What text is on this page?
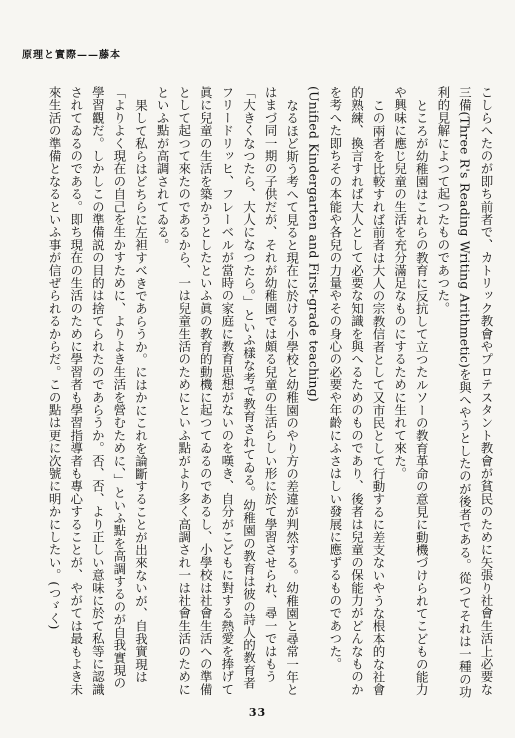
原理と實際——藤本

こしらへたのが即ち前者で、カトリック教會やプロテスタント教會が貧民のために矢張り社會生活上必要な三備(Three R's Reading Writing Arithmetic)を與へやうとしたのが後者である。從つてそれは一種の功利的見解によつて起つたものであつた。

ところが幼稚園はこれらの教育に反抗して立つたルソーの教育革命の意見に動機づけられてこどもの能力や興味に應じ兒童の生活を充分滿足なものにするために生れて來た。

この兩者を比較すれば前者は大人の宗教信者として又市民として行動するに差支ないやうな根本的な社會的熟練、換言すれば大人として必要な知識を與へるためのものであり、後者は兒童の保能力がどんなものかを考へた即ちその本能や各兒の力量やその身心の必要や年齡にふさはしい發展に應ずるものであつた。(Unified Kindergarten and First-grade teaching)

なるほど斯う考へて見ると現在に於ける小學校と幼稚園のやり方の差違が判然する。幼稚園と尋常一年とはまづ同一期の子供だが、それが幼稚園では頗る兒童の生活らしい形に於て學習させられ、尋一ではもう「大きくなつたら、大人になつたら。」といふ樣な考で教育されてゐる。幼稚園の教育は彼の詩人的教育者フリードリッヒ、フレーベルが當時の家庭に教育思想がないのを嘆き、自分がこどもに對する熱愛を捧げて眞に兒童の生活を築かうとしたといふ眞の教育的動機に起つてゐるのであるし、小學校は社會生活への準備として起つて來たのであるから、一は兒童生活のためにといふ點がより多く高調され一は社會生活のためにといふ點が高調されてゐる。

果して私らはどちらに左袒すべきであらうか。にはかにこれを論斷することが出來ないが、自我實現は「よりよく現在の自己を生かすために、よりよき生活を營むために、」といふ點を高調するのが自我實現の學習觀だ。しかしこの準備説の目的は捨てられたのであらうか。否、否、より正しい意味に於て私等に認識されてゐるのである。即ち現在の生活のために學習者も學習指導者も專心することが、やがては最もよき未來生活の準備となるといふ事が信ぜられるからだ。この點は更に次號に明かにしたい。(つゞく)

33
